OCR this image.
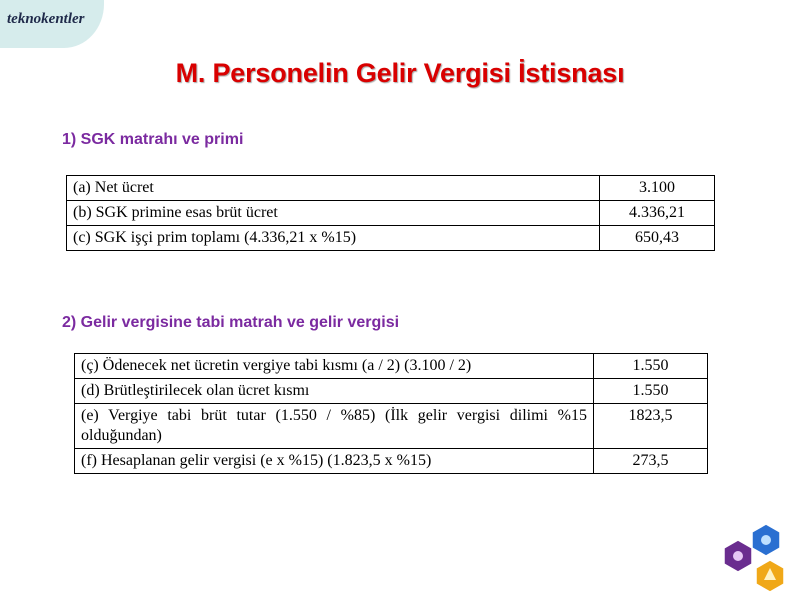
teknokentler
M. Personelin Gelir Vergisi İstisnası
1) SGK matrahı ve primi
(a) Net ücret	3.100
(b) SGK primine esas brüt ücret	4.336,21
(c) SGK işçi prim toplamı (4.336,21 x %15)	650,43
2) Gelir vergisine tabi matrah ve gelir vergisi
(ç) Ödenecek net ücretin vergiye tabi kısmı (a / 2) (3.100 / 2)	1.550
(d) Brütleştirilecek olan ücret kısmı	1.550
(e) Vergiye tabi brüt tutar (1.550 / %85) (İlk gelir vergisi dilimi %15 olduğundan)	1823,5
(f) Hesaplanan gelir vergisi (e x %15) (1.823,5 x %15)	273,5
